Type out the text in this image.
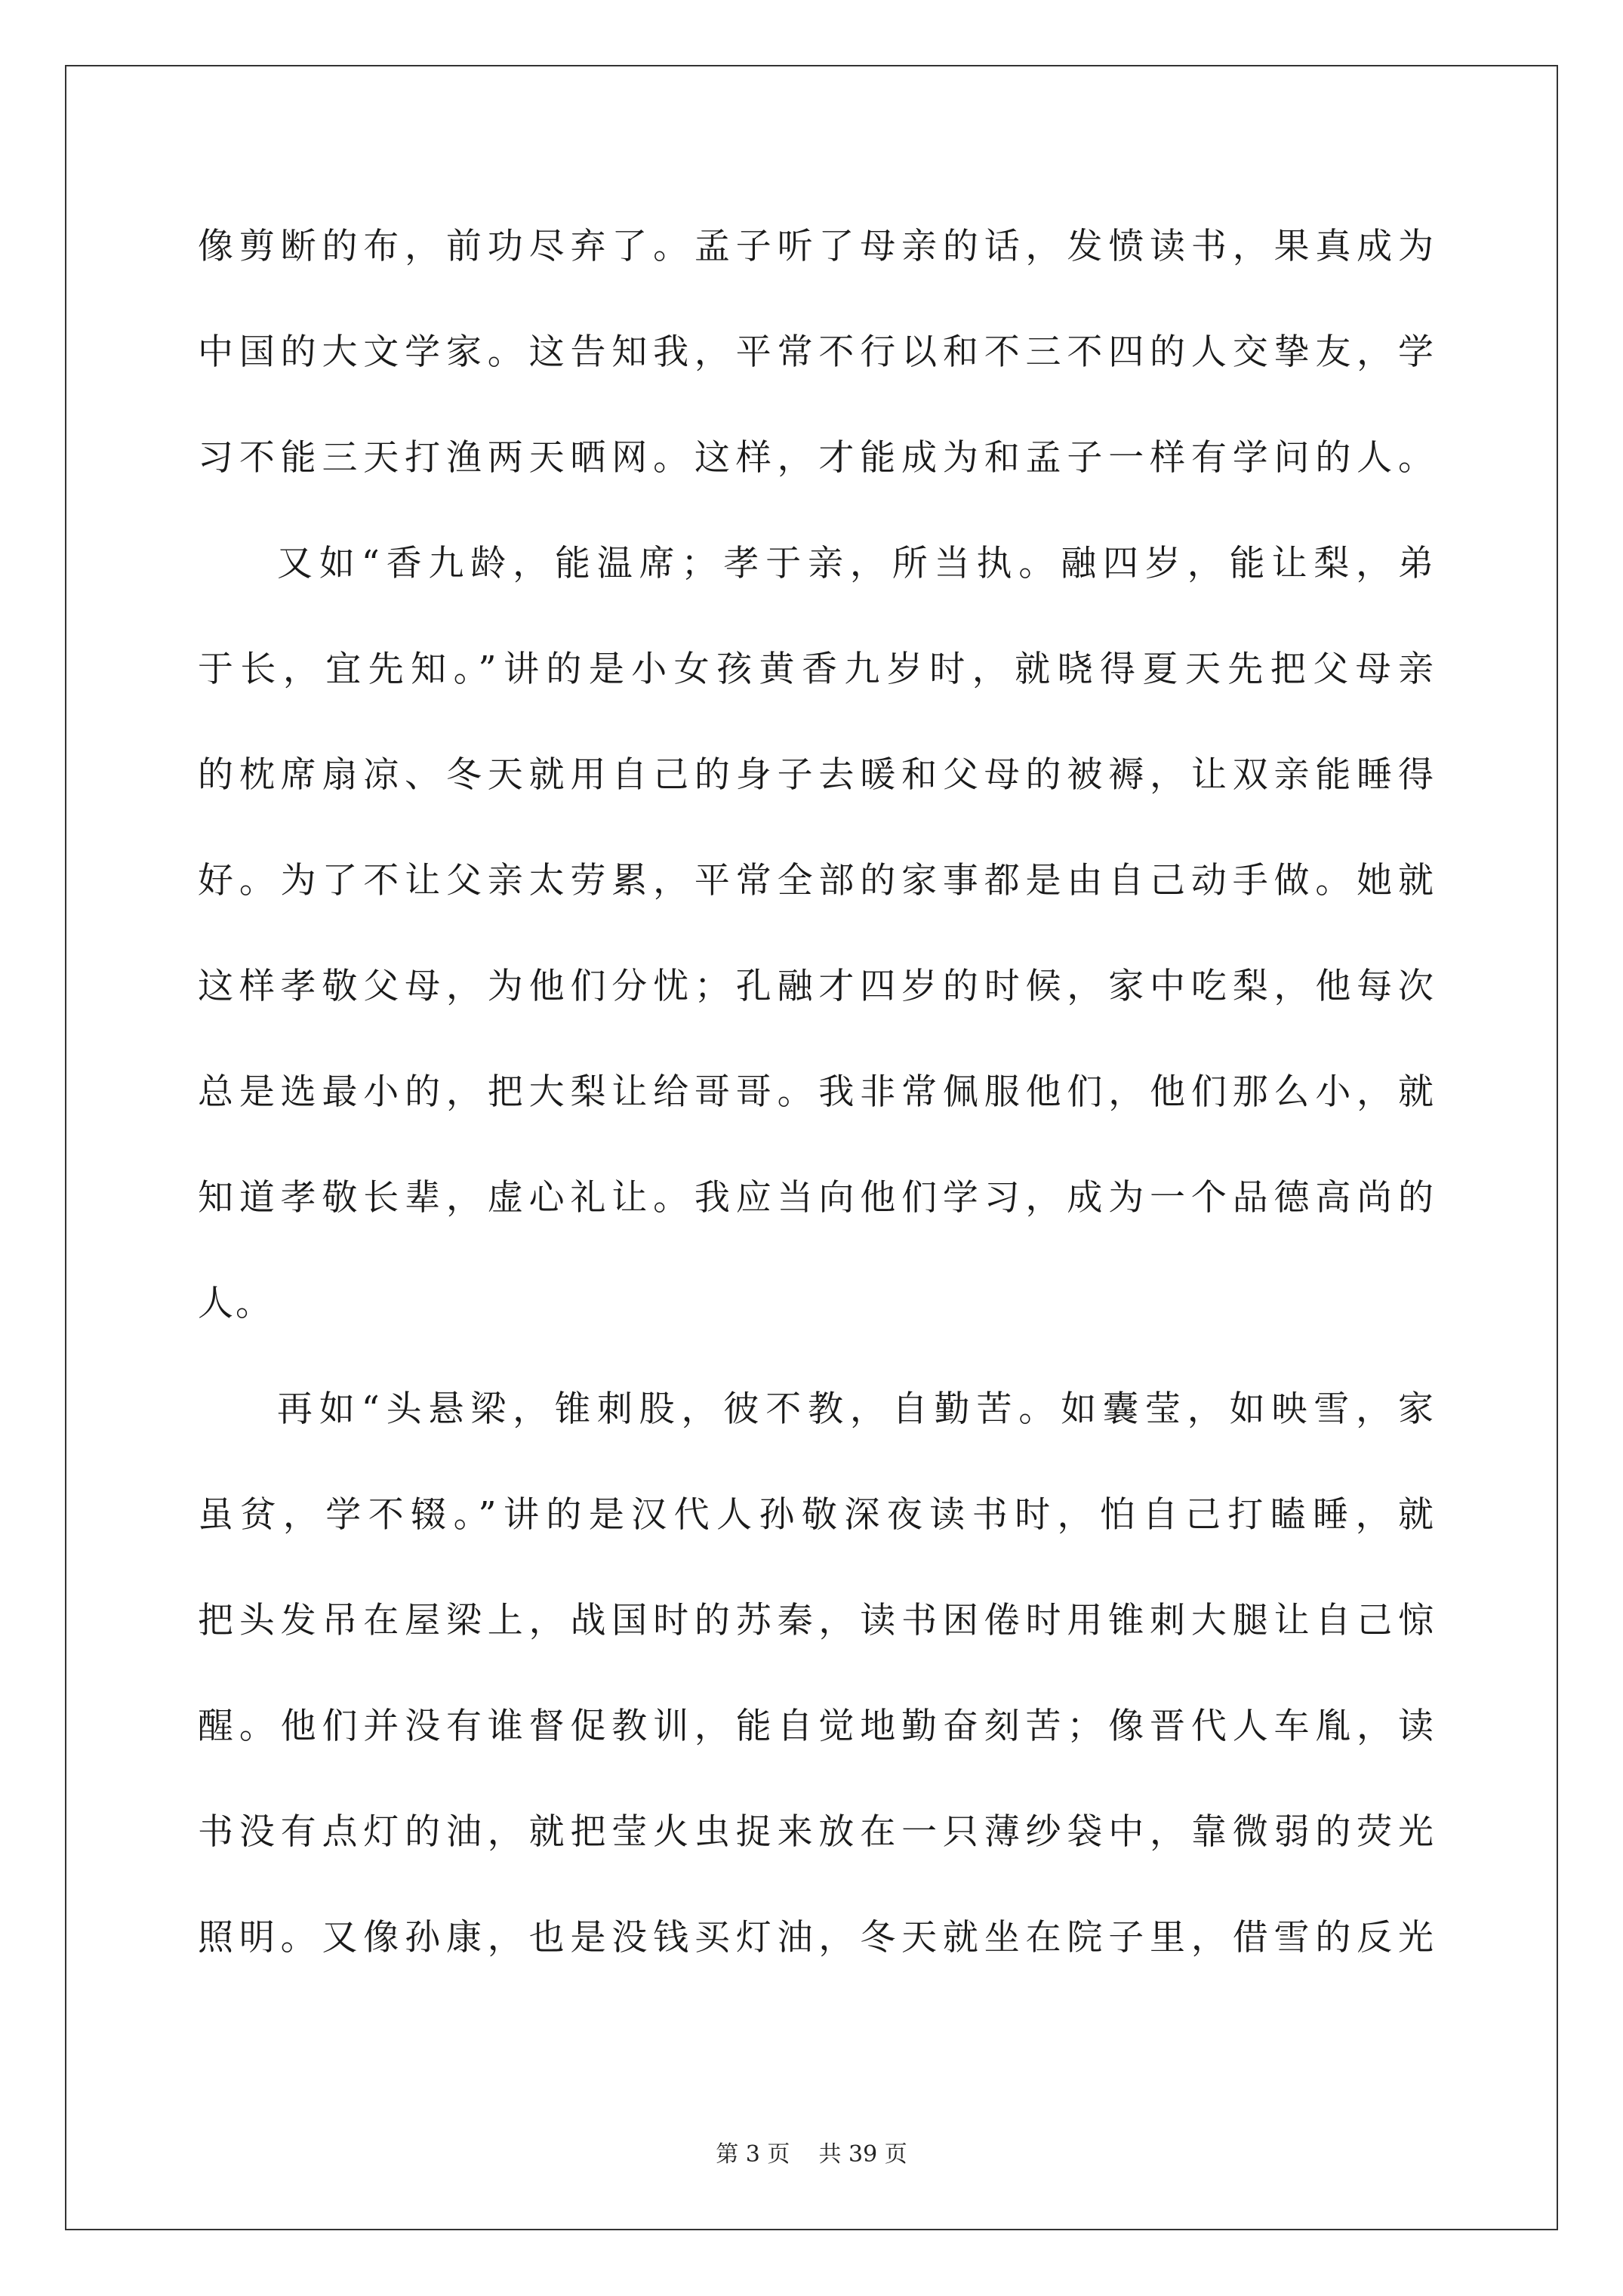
像剪断的布，前功尽弃了。孟子听了母亲的话，发愤读书，果真成为
中国的大文学家。这告知我，平常不行以和不三不四的人交挚友，学
习不能三天打渔两天晒网。这样，才能成为和孟子一样有学问的人。
又如“香九龄，能温席；孝于亲，所当执。融四岁，能让梨，弟
于长，宜先知。”讲的是小女孩黄香九岁时，就晓得夏天先把父母亲
的枕席扇凉、冬天就用自己的身子去暖和父母的被褥，让双亲能睡得
好。为了不让父亲太劳累，平常全部的家事都是由自己动手做。她就
这样孝敬父母，为他们分忧；孔融才四岁的时候，家中吃梨，他每次
总是选最小的，把大梨让给哥哥。我非常佩服他们，他们那么小，就
知道孝敬长辈，虚心礼让。我应当向他们学习，成为一个品德高尚的
人。
再如“头悬梁，锥刺股，彼不教，自勤苦。如囊莹，如映雪，家
虽贫，学不辍。”讲的是汉代人孙敬深夜读书时，怕自己打瞌睡，就
把头发吊在屋梁上，战国时的苏秦，读书困倦时用锥刺大腿让自己惊
醒。他们并没有谁督促教训，能自觉地勤奋刻苦；像晋代人车胤，读
书没有点灯的油，就把莹火虫捉来放在一只薄纱袋中，靠微弱的荧光
照明。又像孙康，也是没钱买灯油，冬天就坐在院子里，借雪的反光
第 3 页    共 39 页
